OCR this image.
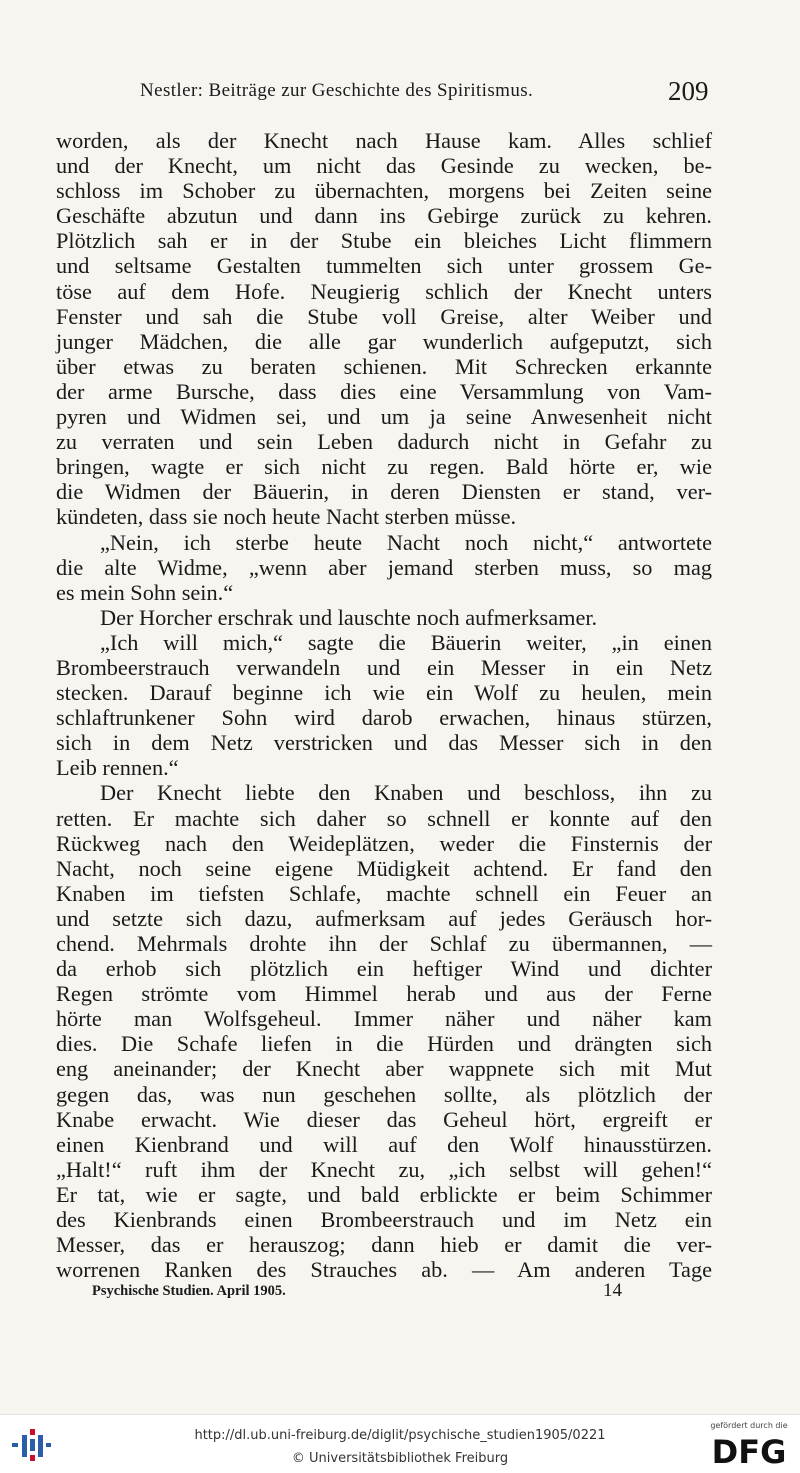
Nestler: Beiträge zur Geschichte des Spiritismus.	209
worden, als der Knecht nach Hause kam. Alles schlief
und der Knecht, um nicht das Gesinde zu wecken, be-
schloss im Schober zu übernachten, morgens bei Zeiten seine
Geschäfte abzutun und dann ins Gebirge zurück zu kehren.
Plötzlich sah er in der Stube ein bleiches Licht flimmern
und seltsame Gestalten tummelten sich unter grossem Ge-
töse auf dem Hofe. Neugierig schlich der Knecht unters
Fenster und sah die Stube voll Greise, alter Weiber und
junger Mädchen, die alle gar wunderlich aufgeputzt, sich
über etwas zu beraten schienen. Mit Schrecken erkannte
der arme Bursche, dass dies eine Versammlung von Vam-
pyren und Widmen sei, und um ja seine Anwesenheit nicht
zu verraten und sein Leben dadurch nicht in Gefahr zu
bringen, wagte er sich nicht zu regen. Bald hörte er, wie
die Widmen der Bäuerin, in deren Diensten er stand, ver-
kündeten, dass sie noch heute Nacht sterben müsse.
„Nein, ich sterbe heute Nacht noch nicht,“ antwortete
die alte Widme, „wenn aber jemand sterben muss, so mag
es mein Sohn sein.“
Der Horcher erschrak und lauschte noch aufmerksamer.
„Ich will mich,“ sagte die Bäuerin weiter, „in einen
Brombeerstrauch verwandeln und ein Messer in ein Netz
stecken. Darauf beginne ich wie ein Wolf zu heulen, mein
schlaftrunkener Sohn wird darob erwachen, hinaus stürzen,
sich in dem Netz verstricken und das Messer sich in den
Leib rennen.“
Der Knecht liebte den Knaben und beschloss, ihn zu
retten. Er machte sich daher so schnell er konnte auf den
Rückweg nach den Weideplätzen, weder die Finsternis der
Nacht, noch seine eigene Müdigkeit achtend. Er fand den
Knaben im tiefsten Schlafe, machte schnell ein Feuer an
und setzte sich dazu, aufmerksam auf jedes Geräusch hor-
chend. Mehrmals drohte ihn der Schlaf zu übermannen, —
da erhob sich plötzlich ein heftiger Wind und dichter
Regen strömte vom Himmel herab und aus der Ferne
hörte man Wolfsgeheul. Immer näher und näher kam
dies. Die Schafe liefen in die Hürden und drängten sich
eng aneinander; der Knecht aber wappnete sich mit Mut
gegen das, was nun geschehen sollte, als plötzlich der
Knabe erwacht. Wie dieser das Geheul hört, ergreift er
einen Kienbrand und will auf den Wolf hinausstürzen.
„Halt!“ ruft ihm der Knecht zu, „ich selbst will gehen!“
Er tat, wie er sagte, und bald erblickte er beim Schimmer
des Kienbrands einen Brombeerstrauch und im Netz ein
Messer, das er herauszog; dann hieb er damit die ver-
worrenen Ranken des Strauches ab. — Am anderen Tage
Psychische Studien. April 1905.	14
http://dl.ub.uni-freiburg.de/diglit/psychische_studien1905/0221
© Universitätsbibliothek Freiburg
gefördert durch die
DFG
